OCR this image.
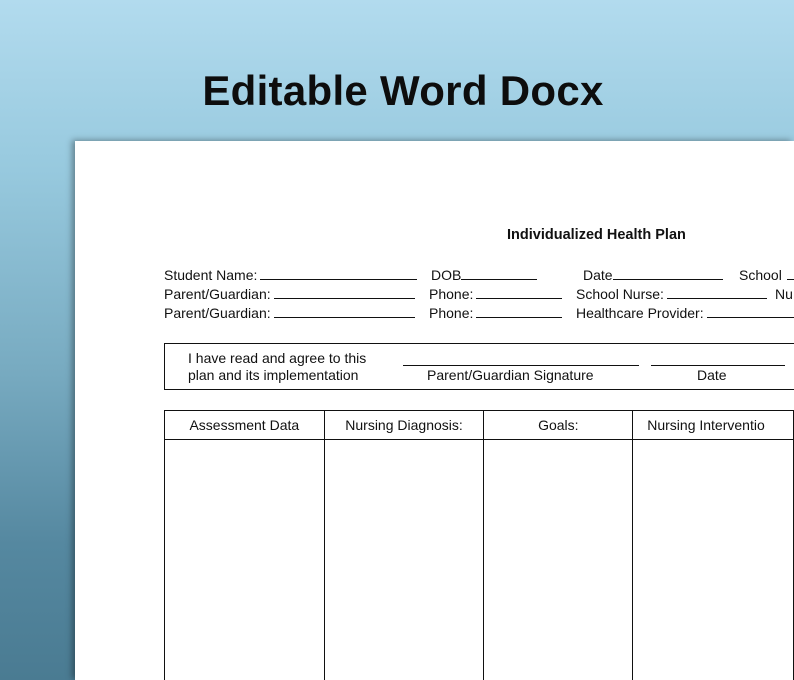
Editable Word Docx
Individualized Health Plan
Student Name:	DOB	Date	School
Parent/Guardian:	Phone:	School Nurse:	Nu
Parent/Guardian:	Phone:	Healthcare Provider:
I have read and agree to this
plan and its implementation	Parent/Guardian Signature	Date
Assessment Data	Nursing Diagnosis:	Goals:	Nursing Interventio
